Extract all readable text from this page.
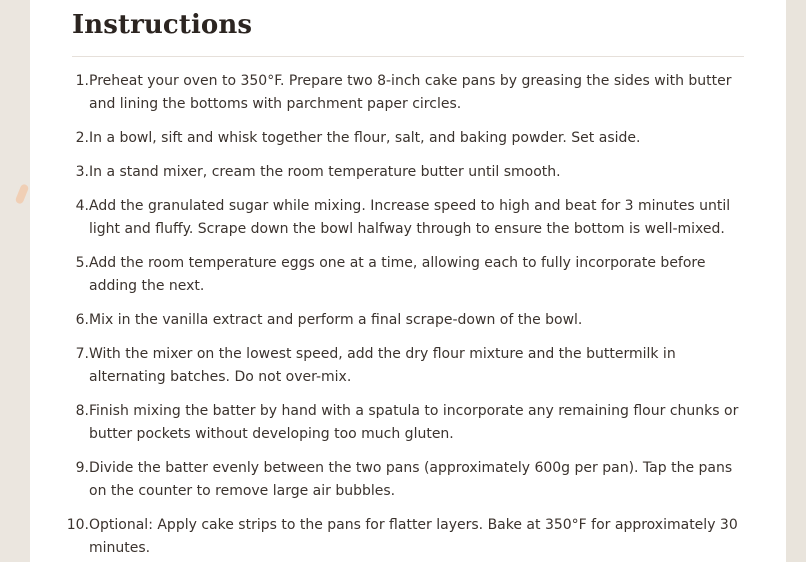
Instructions
1. Preheat your oven to 350°F. Prepare two 8-inch cake pans by greasing the sides with butter and lining the bottoms with parchment paper circles.
2. In a bowl, sift and whisk together the flour, salt, and baking powder. Set aside.
3. In a stand mixer, cream the room temperature butter until smooth.
4. Add the granulated sugar while mixing. Increase speed to high and beat for 3 minutes until light and fluffy. Scrape down the bowl halfway through to ensure the bottom is well-mixed.
5. Add the room temperature eggs one at a time, allowing each to fully incorporate before adding the next.
6. Mix in the vanilla extract and perform a final scrape-down of the bowl.
7. With the mixer on the lowest speed, add the dry flour mixture and the buttermilk in alternating batches. Do not over-mix.
8. Finish mixing the batter by hand with a spatula to incorporate any remaining flour chunks or butter pockets without developing too much gluten.
9. Divide the batter evenly between the two pans (approximately 600g per pan). Tap the pans on the counter to remove large air bubbles.
10. Optional: Apply cake strips to the pans for flatter layers. Bake at 350°F for approximately 30 minutes.
